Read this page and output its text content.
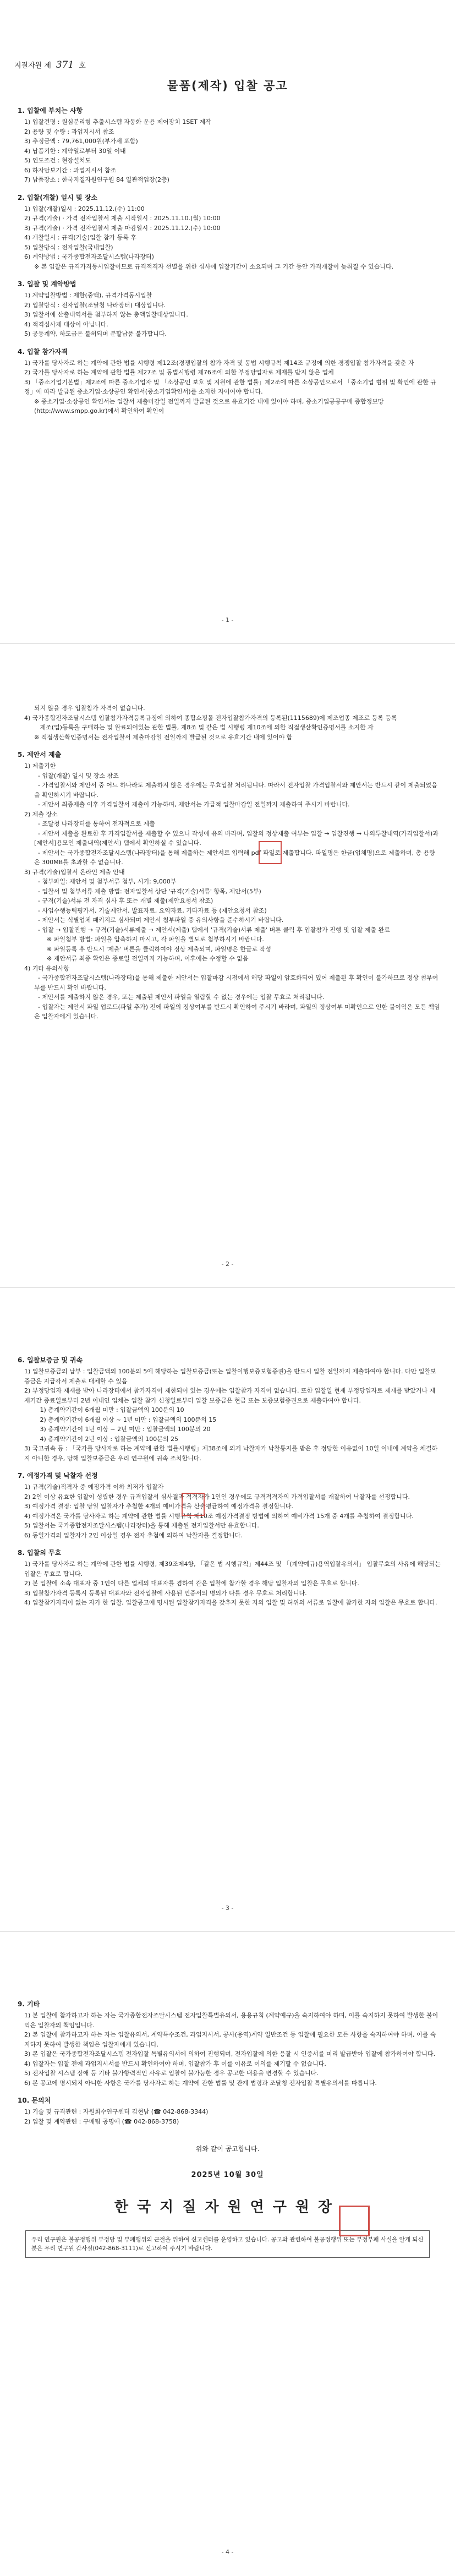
지질자원 제 371 호
물품(제작) 입찰 공고
1. 입찰에 부치는 사항
1) 입찰건명 : 원심분리형 추출시스템 자동화 운용 제어장치 1SET 제작
2) 용량 및 수량 : 과업지시서 참조
3) 추정금액 : 79,761,000원(부가세 포함)
4) 납품기한 : 계약일로부터 30일 이내
5) 인도조건 : 현장설치도
6) 하자담보기간 : 과업지시서 참조
7) 납품장소 : 한국지질자원연구원 84 일관적업장(2층)
2. 입찰(개찰) 일시 및 장소
1) 입찰(개찰)일시 : 2025.11.12.(수) 11:00
2) 규격(기술) · 가격 전자입찰서 제출 시작일시 : 2025.11.10.(월) 10:00
3) 규격(기술) · 가격 전자입찰서 제출 마감일시 : 2025.11.12.(수) 10:00
4) 개찰일시 : 규격(기술)입찰 참가 등록 후
5) 입찰방식 : 전자입찰(국내입찰)
6) 계약방법 : 국가종합전자조달시스템(나라장터)
※ 본 입찰은 규격가격동시입찰이므로 규격적격자 선별을 위한 심사에 입찰기간이 소요되며 그 기간 동안 가격개찰이 늦춰질 수 있습니다.
3. 입찰 및 계약방법
1) 계약입찰방법 : 제한(중액), 규격가격동시입찰
2) 입찰방식 : 전자입찰(조달청 나라장터) 대상입니다.
3) 입찰서에 산출내역서를 첨부하지 않는 총액입찰대상입니다.
4) 적격심사제 대상이 아닙니다.
5) 공동계약, 하도급은 불허되며 분할납품 불가합니다.
4. 입찰 참가자격
1) 국가를 당사자로 하는 계약에 관한 법률 시행령 제12조(경쟁입찰의 참가 자격 및 동법 시행규칙 제14조 규정에 의한 경쟁입찰 참가자격을 갖춘 자
2) 국가를 당사자로 하는 계약에 관한 법률 제27조 및 동법시행령 제76조에 의한 부정당업자로 제재를 받지 않은 업체
3) 「중소기업기본법」제2조에 따른 중소기업자 및 「소상공인 보호 및 지원에 관한 법률」제2조에 따른 소상공인으로서 「중소기업 범위 및 확인에 관한 규정」에 따라 발급된 중소기업·소상공인 확인서(중소기업확인서)를 소지한 자이어야 합니다.
※ 중소기업·소상공인 확인서는 입찰서 제출마감일 전일까지 발급된 것으로 유효기간 내에 있어야 하며, 중소기업공공구매 종합정보망(http://www.smpp.go.kr)에서 확인하여 확인이
- 1 -
되지 않을 경우 입찰참가 자격이 없습니다.
4) 국가종합전자조달시스템 입찰참가자격등록규정에 의하여 종합쇼핑몰 전자입찰참가자격의 등록된(1115689)에 제조업종 제조로 등록 등록
제조(업)등록을 구매하는 및 완료되어있는 관한 법률, 제8조 및 같은 법 시행령 제10조에 의한 직접생산확인증명서를 소지한 자
※ 직접생산확인증명서는 전자입찰서 제출마감일 전일까지 발급된 것으로 유효기간 내에 있어야 함
5. 제안서 제출
1) 제출기한
- 입찰(개찰) 일시 및 장소 참조
- 가격입찰서와 제안서 중 어느 하나라도 제출하지 않은 경우에는 무효입찰 처리됩니다. 따라서 전자입찰 가격입찰서와 제안서는 반드시 같이 제출되었음을 확인하시기 바랍니다.
- 제안서 최종제출 이후 가격입찰서 제출이 가능하며, 제안서는 가급적 입찰마감일 전일까지 제출하여 주시기 바랍니다.
2) 제출 장소
- 조달청 나라장터를 통하여 전자적으로 제출
- 제안서 제출을 완료한 후 가격입찰서를 제출할 수 있으니 작성에 유의 바라며, 입찰의 정상제출 여부는 입찰 → 입찰진행 → 나의투찰내역(가격입찰서)과 [제안서]용모인 제출내역(제안서) 탭에서 확인하실 수 있습니다.
- 제안서는 국가종합전자조달시스템(나라장터)을 통해 제출하는 제안서로 입력해 pdf 파일로 제출합니다. 파일명은 한글(업체명)으로 제출하며, 총 용량은 300MB를 초과할 수 없습니다.
3) 규격(기술)입찰서 온라인 제출 안내
- 첨부파일: 제안서 및 첨부서류 첨부, 시기: 9,000부
- 입찰서 및 첨부서류 제출 방법: 전자입찰서 상단 '규격(기술)서류' 항목, 제안서(5부)
- 규격(기술)서류 전 자격 심사 후 또는 개별 제출(제안요청서 참조)
- 사업수행능력평가서, 기술제안서, 발표자료, 요약자료, 기타자료 등 (제안요청서 참조)
- 제안서는 식별업체 패키지로 심사되며 제안서 첨부파일 중 유의사항을 준수하시기 바랍니다.
- 입찰 → 입찰진행 → 규격(기술)서류제출 → 제안서(제출) 탭에서 '규격(기술)서류 제출' 버튼 클릭 후 입찰참가 진행 및 입찰 제출 완료
※ 파일첨부 방법: 파일을 압축하지 마시고, 각 파일을 별도로 첨부하시기 바랍니다.
※ 파일등록 후 반드시 '제출' 버튼을 클릭하여야 정상 제출되며, 파일명은 한글로 작성
※ 제안서류 최종 확인은 종료일 전일까지 가능하며, 이후에는 수정할 수 없음
4) 기타 유의사항
- 국가종합전자조달시스템(나라장터)을 통해 제출한 제안서는 입찰마감 시점에서 해당 파일이 암호화되어 있어 제출된 후 확인이 불가하므로 정상 첨부여부를 반드시 확인 바랍니다.
- 제안서를 제출하지 않은 경우, 또는 제출된 제안서 파일을 열람할 수 없는 경우에는 입찰 무효로 처리됩니다.
- 입찰자는 제안서 파일 업로드(파일 추가) 전에 파일의 정상여부를 반드시 확인하여 주시기 바라며, 파일의 정상여부 미확인으로 인한 불이익은 모든 책임은 입찰자에게 있습니다.
- 2 -
6. 입찰보증금 및 귀속
1) 입찰보증금의 납부 : 입찰금액의 100분의 5에 해당하는 입찰보증금(또는 입찰이행보증보험증권)을 반드시 입찰 전일까지 제출하여야 합니다. 다만 입찰보증금은 지급각서 제출로 대체할 수 있음
2) 부정당업자 제재를 받아 나라장터에서 참가자격이 제한되어 있는 경우에는 입찰참가 자격이 없습니다. 또한 입찰일 현재 부정당업자로 제재를 받았거나 제재기간 종료일로부터 2년 이내인 업체는 입찰 참가 신청일로부터 입찰 보증금은 현금 또는 보증보험증권으로 제출하여야 합니다.
1) 총계약기간이 6개월 미만 : 입찰금액의 100분의 10
2) 총계약기간이 6개월 이상 ~ 1년 미만 : 입찰금액의 100분의 15
3) 총계약기간이 1년 이상 ~ 2년 미만 : 입찰금액의 100분의 20
4) 총계약기간이 2년 이상 : 입찰금액의 100분의 25
3) 국고귀속 등 : 「국가를 당사자로 하는 계약에 관한 법률시행령」제38조에 의거 낙찰자가 낙찰통지를 받은 후 정당한 이유없이 10일 이내에 계약을 체결하지 아니한 경우, 당해 입찰보증금은 우리 연구원에 귀속 조치합니다.
7. 예정가격 및 낙찰자 선정
1) 규격(기술)적격자 중 예정가격 이하 최저가 입찰자
2) 2인 이상 유효한 입찰이 성립한 경우 규격입찰서 심사결과 적격자가 1인인 경우에도 규격적격자의 가격입찰서를 개찰하여 낙찰자를 선정합니다.
3) 예정가격 결정: 입찰 당일 입찰자가 추첨한 4개의 예비가격을 산술평균하여 예정가격을 결정합니다.
4) 예정가격은 국가를 당사자로 하는 계약에 관한 법률 시행규칙 제10조 예정가격결정 방법에 의하여 예비가격 15개 중 4개를 추첨하여 결정합니다.
5) 입찰서는 국가종합전자조달시스템(나라장터)을 통해 제출된 전자입찰서만 유효합니다.
6) 동일가격의 입찰자가 2인 이상일 경우 전자 추첨에 의하여 낙찰자를 결정합니다.
8. 입찰의 무효
1) 국가를 당사자로 하는 계약에 관한 법률 시행령, 제39조제4항, 「같은 법 시행규칙」제44조 및 「(계약예규)용역입찰유의서」 입찰무효의 사유에 해당되는 입찰은 무효로 합니다.
2) 본 입찰에 소속 대표자 중 1인이 다른 업체의 대표자를 겸하여 같은 입찰에 참가할 경우 해당 입찰자의 입찰은 무효로 합니다.
3) 입찰참가자격 등록시 등록된 대표자와 전자입찰에 사용된 인증서의 명의가 다를 경우 무효로 처리합니다.
4) 입찰참가자격이 없는 자가 한 입찰, 입찰공고에 명시된 입찰참가자격을 갖추지 못한 자의 입찰 및 허위의 서류로 입찰에 참가한 자의 입찰은 무효로 합니다.
- 3 -
9. 기타
1) 본 입찰에 참가하고자 하는 자는 국가종합전자조달시스템 전자입찰특별유의서, 용용규칙 (계약예규)을 숙지하여야 하며, 이를 숙지하지 못하여 발생한 불이익은 입찰자의 책임입니다.
2) 본 입찰에 참가하고자 하는 자는 입찰유의서, 계약특수조건, 과업지시서, 공사(용역)계약 일반조건 등 입찰에 필요한 모든 사항을 숙지하여야 하며, 이를 숙지하지 못하여 발생한 책임은 입찰자에게 있습니다.
3) 본 입찰은 국가종합전자조달시스템 전자입찰 특별유의서에 의하여 진행되며, 전자입찰에 의한 응찰 시 인증서를 미리 발급받아 입찰에 참가하여야 합니다.
4) 입찰자는 입찰 전에 과업지시서를 반드시 확인하여야 하며, 입찰참가 후 이를 이유로 이의를 제기할 수 없습니다.
5) 전자입찰 시스템 장애 등 기타 불가항력적인 사유로 입찰이 불가능한 경우 공고한 내용을 변경할 수 있습니다.
6) 본 공고에 명시되지 아니한 사항은 국가를 당사자로 하는 계약에 관한 법률 및 관계 법령과 조달청 전자입찰 특별유의서를 따릅니다.
10. 문의처
1) 기술 및 규격관련 : 자원회수연구센터 김현남 (☎ 042-868-3344)
2) 입찰 및 계약관련 : 구매팀 공명애 (☎ 042-868-3758)
위와 같이 공고합니다.
2025년 10월 30일
한국지질자원연구원장
우리 연구원은 불공정행위 부정당 및 부패행위의 근절을 위하여 신고센터를 운영하고 있습니다. 공고와 관련하여 불공정행위 또는 부정부패 사실을 알게 되신 분은 우리 연구원 감사실(042-868-3111)로 신고하여 주시기 바랍니다.
- 4 -
